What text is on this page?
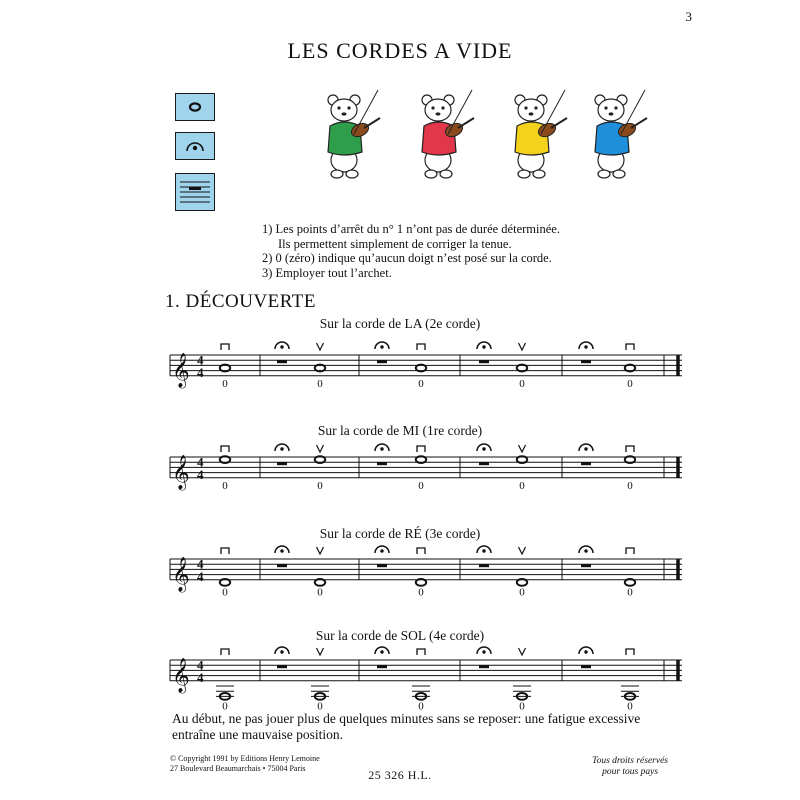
3
LES CORDES A VIDE
1) Les points d’arrêt du n° 1 n’ont pas de durée déterminée.
Ils permettent simplement de corriger la tenue.
2) 0 (zéro) indique qu’aucun doigt n’est posé sur la corde.
3) Employer tout l’archet.
1. DÉCOUVERTE
Sur la corde de LA (2e corde)
Sur la corde de MI (1re corde)
Sur la corde de RÉ (3e corde)
Sur la corde de SOL (4e corde)
𝄞 4
4
0	0	0	0	0
𝄞 4
4
0	0	0	0	0
𝄞 4
4
0	0	0	0	0
𝄞 4
4
0	0	0	0	0
Au début, ne pas jouer plus de quelques minutes sans se reposer: une fatigue excessive entraîne une mauvaise position.
© Copyright 1991 by Editions Henry Lemoine
27 Boulevard Beaumarchais • 75004 Paris	25 326 H.L.
Tous droits réservés
pour tous pays
